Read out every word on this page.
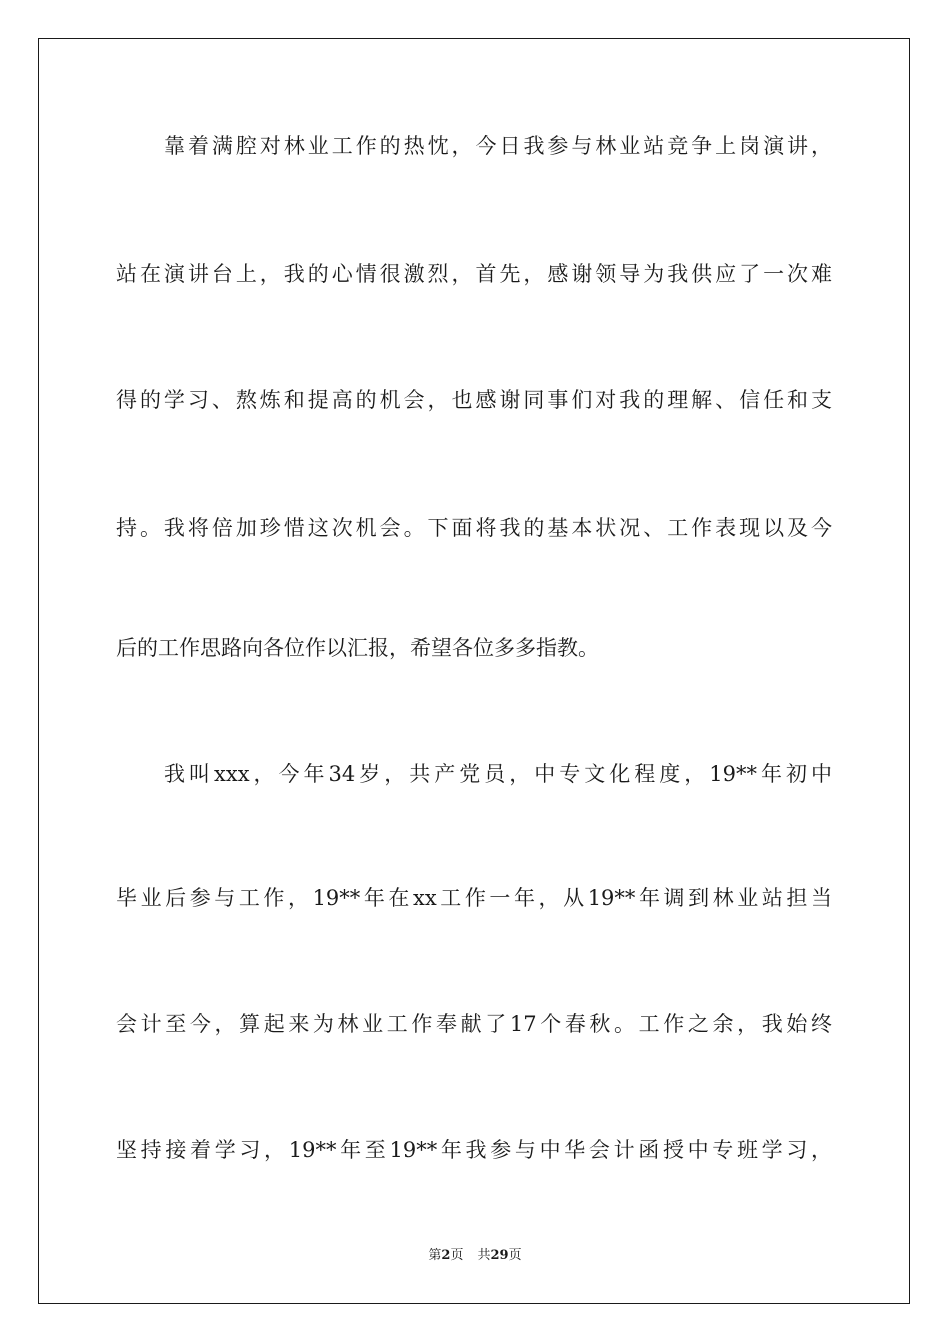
靠着满腔对林业工作的热忱，今日我参与林业站竞争上岗演讲，
站在演讲台上，我的心情很激烈，首先，感谢领导为我供应了一次难
得的学习、熬炼和提高的机会，也感谢同事们对我的理解、信任和支
持。我将倍加珍惜这次机会。下面将我的基本状况、工作表现以及今
后的工作思路向各位作以汇报，希望各位多多指教。
我叫xxx，今年34岁，共产党员，中专文化程度，19**年初中
毕业后参与工作，19**年在xx工作一年，从19**年调到林业站担当
会计至今，算起来为林业工作奉献了17个春秋。工作之余，我始终
坚持接着学习，19**年至19**年我参与中华会计函授中专班学习，
第2页 共29页
